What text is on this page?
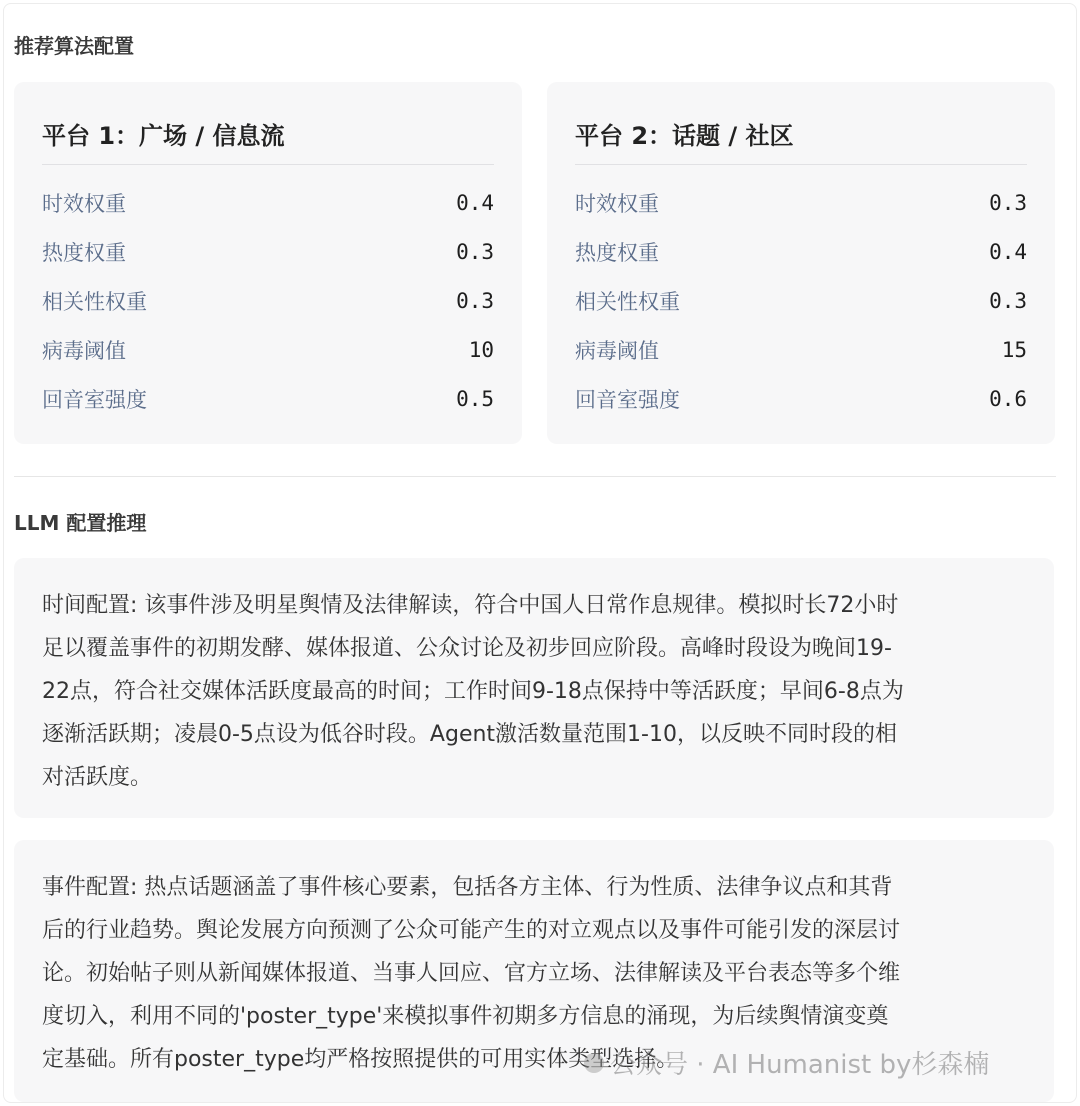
推荐算法配置
平台 1：广场 / 信息流
时效权重	0.4
热度权重	0.3
相关性权重	0.3
病毒阈值	10
回音室强度	0.5
平台 2：话题 / 社区
时效权重	0.3
热度权重	0.4
相关性权重	0.3
病毒阈值	15
回音室强度	0.6
LLM 配置推理
时间配置: 该事件涉及明星舆情及法律解读，符合中国人日常作息规律。模拟时长72小时
足以覆盖事件的初期发酵、媒体报道、公众讨论及初步回应阶段。高峰时段设为晚间19-
22点，符合社交媒体活跃度最高的时间；工作时间9-18点保持中等活跃度；早间6-8点为
逐渐活跃期；凌晨0-5点设为低谷时段。Agent激活数量范围1-10，以反映不同时段的相
对活跃度。
事件配置: 热点话题涵盖了事件核心要素，包括各方主体、行为性质、法律争议点和其背
后的行业趋势。舆论发展方向预测了公众可能产生的对立观点以及事件可能引发的深层讨
论。初始帖子则从新闻媒体报道、当事人回应、官方立场、法律解读及平台表态等多个维
度切入，利用不同的'poster_type'来模拟事件初期多方信息的涌现，为后续舆情演变奠
定基础。所有poster_type均严格按照提供的可用实体类型选择。
公众号 · AI Humanist by杉森楠
